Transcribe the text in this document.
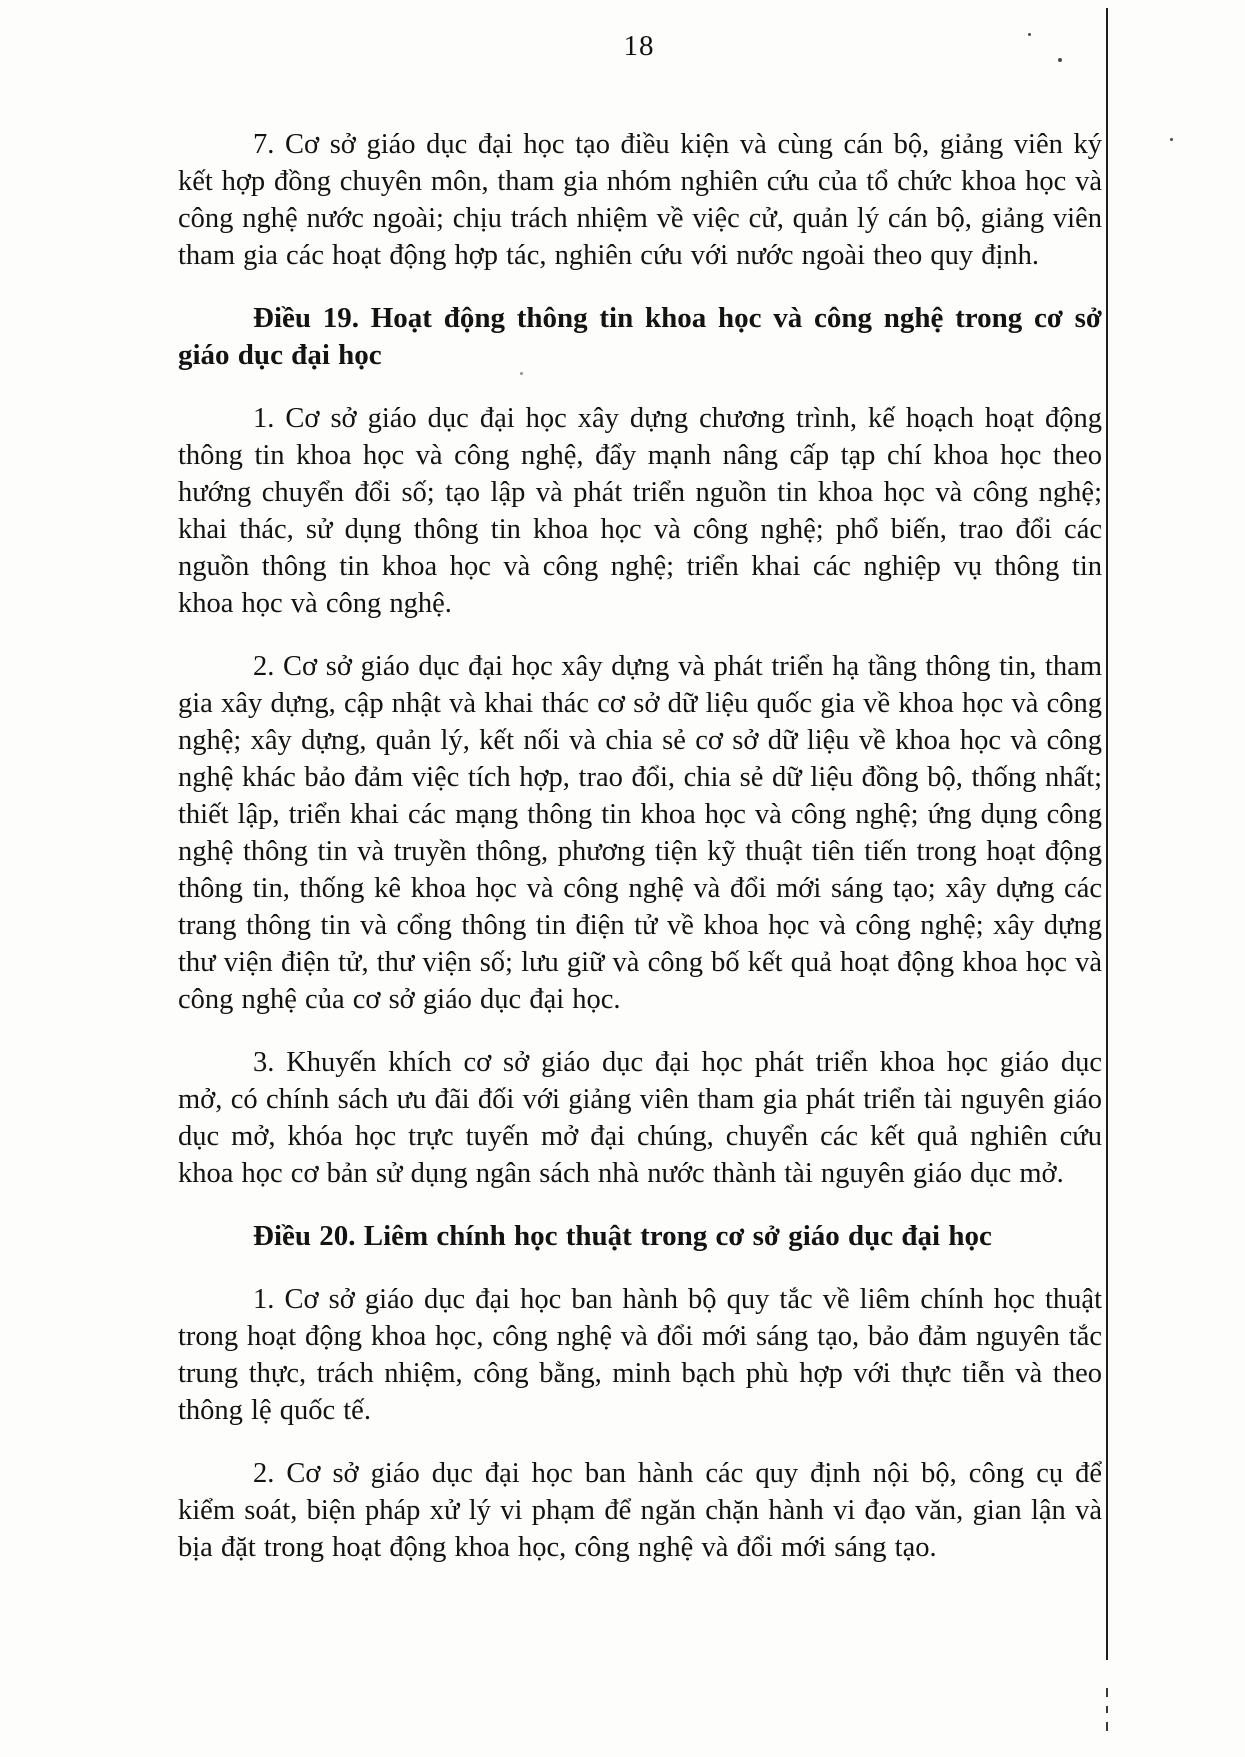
18

7. Cơ sở giáo dục đại học tạo điều kiện và cùng cán bộ, giảng viên ký kết hợp đồng chuyên môn, tham gia nhóm nghiên cứu của tổ chức khoa học và công nghệ nước ngoài; chịu trách nhiệm về việc cử, quản lý cán bộ, giảng viên tham gia các hoạt động hợp tác, nghiên cứu với nước ngoài theo quy định.

Điều 19. Hoạt động thông tin khoa học và công nghệ trong cơ sở giáo dục đại học

1. Cơ sở giáo dục đại học xây dựng chương trình, kế hoạch hoạt động thông tin khoa học và công nghệ, đẩy mạnh nâng cấp tạp chí khoa học theo hướng chuyển đổi số; tạo lập và phát triển nguồn tin khoa học và công nghệ; khai thác, sử dụng thông tin khoa học và công nghệ; phổ biến, trao đổi các nguồn thông tin khoa học và công nghệ; triển khai các nghiệp vụ thông tin khoa học và công nghệ.

2. Cơ sở giáo dục đại học xây dựng và phát triển hạ tầng thông tin, tham gia xây dựng, cập nhật và khai thác cơ sở dữ liệu quốc gia về khoa học và công nghệ; xây dựng, quản lý, kết nối và chia sẻ cơ sở dữ liệu về khoa học và công nghệ khác bảo đảm việc tích hợp, trao đổi, chia sẻ dữ liệu đồng bộ, thống nhất; thiết lập, triển khai các mạng thông tin khoa học và công nghệ; ứng dụng công nghệ thông tin và truyền thông, phương tiện kỹ thuật tiên tiến trong hoạt động thông tin, thống kê khoa học và công nghệ và đổi mới sáng tạo; xây dựng các trang thông tin và cổng thông tin điện tử về khoa học và công nghệ; xây dựng thư viện điện tử, thư viện số; lưu giữ và công bố kết quả hoạt động khoa học và công nghệ của cơ sở giáo dục đại học.

3. Khuyến khích cơ sở giáo dục đại học phát triển khoa học giáo dục mở, có chính sách ưu đãi đối với giảng viên tham gia phát triển tài nguyên giáo dục mở, khóa học trực tuyến mở đại chúng, chuyển các kết quả nghiên cứu khoa học cơ bản sử dụng ngân sách nhà nước thành tài nguyên giáo dục mở.

Điều 20. Liêm chính học thuật trong cơ sở giáo dục đại học

1. Cơ sở giáo dục đại học ban hành bộ quy tắc về liêm chính học thuật trong hoạt động khoa học, công nghệ và đổi mới sáng tạo, bảo đảm nguyên tắc trung thực, trách nhiệm, công bằng, minh bạch phù hợp với thực tiễn và theo thông lệ quốc tế.

2. Cơ sở giáo dục đại học ban hành các quy định nội bộ, công cụ để kiểm soát, biện pháp xử lý vi phạm để ngăn chặn hành vi đạo văn, gian lận và bịa đặt trong hoạt động khoa học, công nghệ và đổi mới sáng tạo.
